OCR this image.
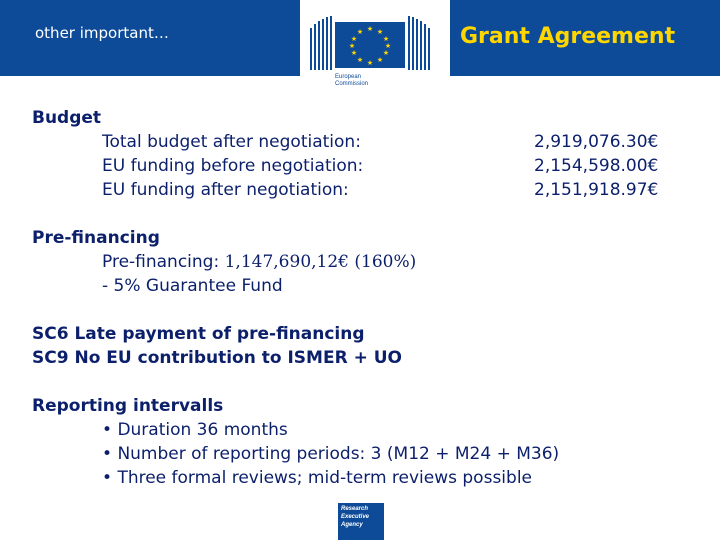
other important…	Grant Agreement
★ ★
★
★
★
★
★
★
★
★
★
★
European
Commission
Budget
Total budget after negotiation:	2,919,076.30€
EU funding before negotiation:	2,154,598.00€
EU funding after negotiation:	2,151,918.97€
Pre-financing
Pre-financing: 1,147,690,12€ (160%)
- 5% Guarantee Fund
SC6 Late payment of pre-financing
SC9 No EU contribution to ISMER + UO
Reporting intervalls
• Duration 36 months
• Number of reporting periods: 3 (M12 + M24 + M36)
• Three formal reviews; mid-term reviews possible
Research
Executive
Agency
